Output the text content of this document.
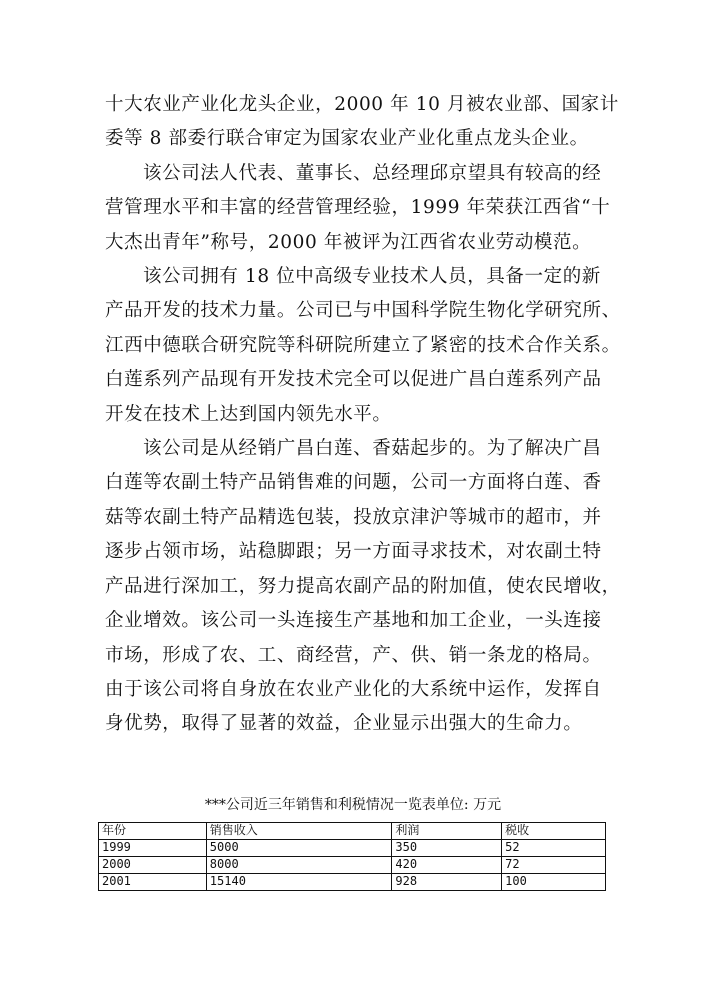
十大农业产业化龙头企业，2000 年 10 月被农业部、国家计

委等 8 部委行联合审定为国家农业产业化重点龙头企业。

该公司法人代表、董事长、总经理邱京望具有较高的经

营管理水平和丰富的经营管理经验，1999 年荣获江西省“十

大杰出青年”称号，2000 年被评为江西省农业劳动模范。

该公司拥有 18 位中高级专业技术人员，具备一定的新

产品开发的技术力量。公司已与中国科学院生物化学研究所、

江西中德联合研究院等科研院所建立了紧密的技术合作关系。

白莲系列产品现有开发技术完全可以促进广昌白莲系列产品

开发在技术上达到国内领先水平。

该公司是从经销广昌白莲、香菇起步的。为了解决广昌

白莲等农副土特产品销售难的问题，公司一方面将白莲、香

菇等农副土特产品精选包装，投放京津沪等城市的超市，并

逐步占领市场，站稳脚跟；另一方面寻求技术，对农副土特

产品进行深加工，努力提高农副产品的附加值，使农民增收，

企业增效。该公司一头连接生产基地和加工企业，一头连接

市场，形成了农、工、商经营，产、供、销一条龙的格局。

由于该公司将自身放在农业产业化的大系统中运作，发挥自

身优势，取得了显著的效益，企业显示出强大的生命力。

***公司近三年销售和利税情况一览表单位: 万元
年份	销售收入	利润	税收
1999	5000	350	52
2000	8000	420	72
2001	15140	928	100
